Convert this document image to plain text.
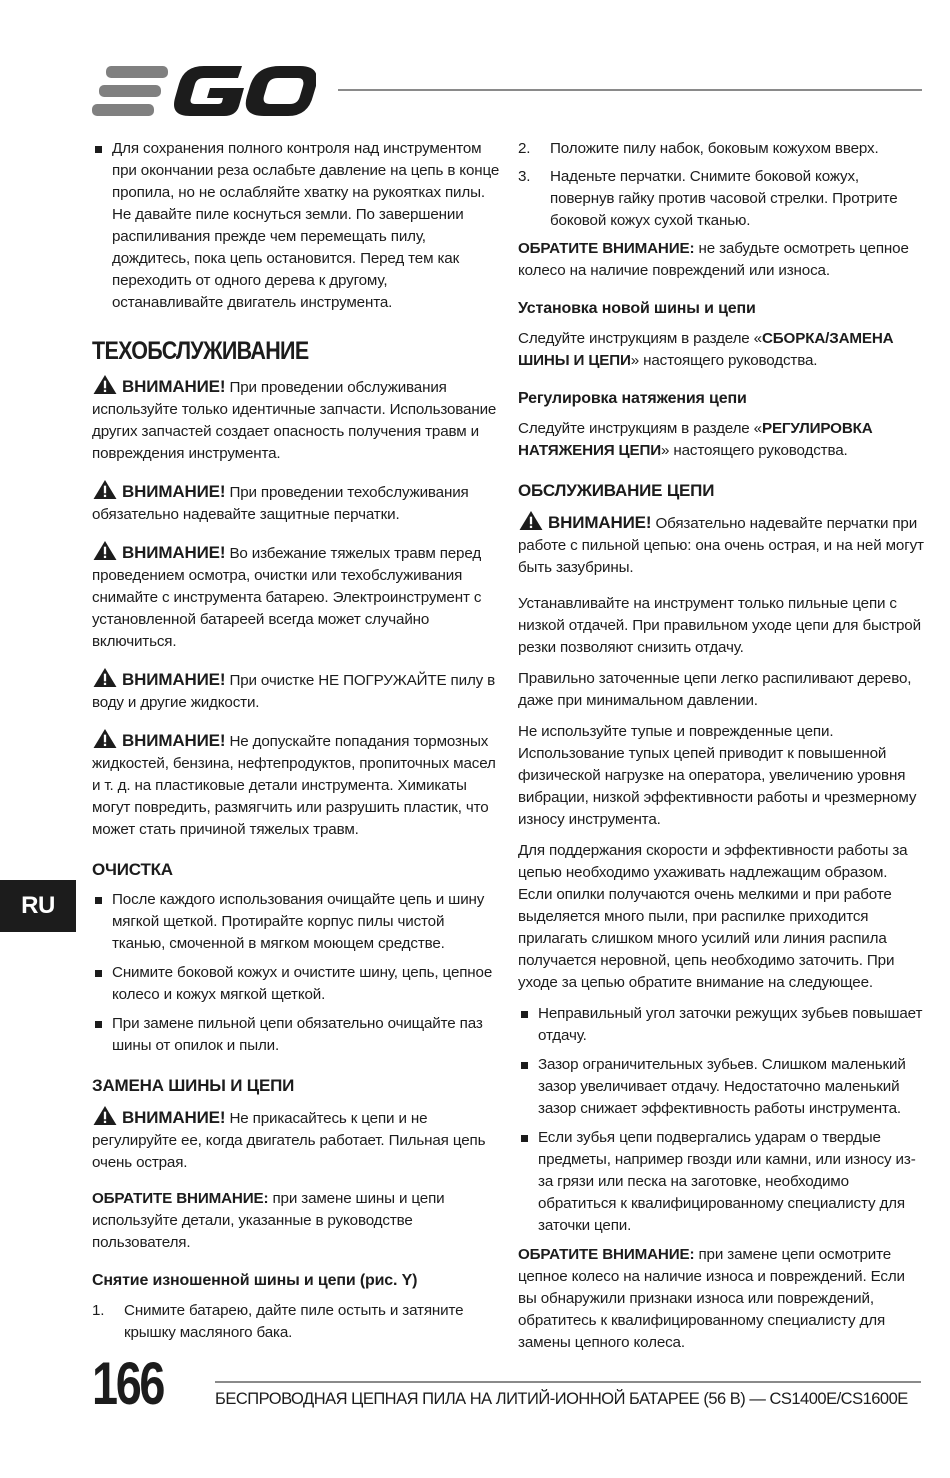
Для сохранения полного контроля над инструментом при окончании реза ослабьте давление на цепь в конце пропила, но не ослабляйте хватку на рукоятках пилы. Не давайте пиле коснуться земли. По завершении распиливания прежде чем перемещать пилу, дождитесь, пока цепь остановится. Перед тем как переходить от одного дерева к другому, останавливайте двигатель инструмента.
ТЕХОБСЛУЖИВАНИЕ
ВНИМАНИЕ! При проведении обслуживания используйте только идентичные запчасти. Использование других запчастей создает опасность получения травм и повреждения инструмента.
ВНИМАНИЕ! При проведении техобслуживания обязательно надевайте защитные перчатки.
ВНИМАНИЕ! Во избежание тяжелых травм перед проведением осмотра, очистки или техобслуживания снимайте с инструмента батарею. Электроинструмент с установленной батареей всегда может случайно включиться.
ВНИМАНИЕ! При очистке НЕ ПОГРУЖАЙТЕ пилу в воду и другие жидкости.
ВНИМАНИЕ! Не допускайте попадания тормозных жидкостей, бензина, нефтепродуктов, пропиточных масел и т. д. на пластиковые детали инструмента. Химикаты могут повредить, размягчить или разрушить пластик, что может стать причиной тяжелых травм.
ОЧИСТКА
После каждого использования очищайте цепь и шину мягкой щеткой. Протирайте корпус пилы чистой тканью, смоченной в мягком моющем средстве.
Снимите боковой кожух и очистите шину, цепь, цепное колесо и кожух мягкой щеткой.
При замене пильной цепи обязательно очищайте паз шины от опилок и пыли.
ЗАМЕНА ШИНЫ И ЦЕПИ
ВНИМАНИЕ! Не прикасайтесь к цепи и не регулируйте ее, когда двигатель работает. Пильная цепь очень острая.

ОБРАТИТЕ ВНИМАНИЕ: при замене шины и цепи используйте детали, указанные в руководстве пользователя.

Снятие изношенной шины и цепи (рис. Y)
1. Снимите батарею, дайте пиле остыть и затяните крышку масляного бака.
2. Положите пилу набок, боковым кожухом вверх.
3. Наденьте перчатки. Снимите боковой кожух, повернув гайку против часовой стрелки. Протрите боковой кожух сухой тканью.

ОБРАТИТЕ ВНИМАНИЕ: не забудьте осмотреть цепное колесо на наличие повреждений или износа.

Установка новой шины и цепи

Следуйте инструкциям в разделе «СБОРКА/ЗАМЕНА ШИНЫ И ЦЕПИ» настоящего руководства.

Регулировка натяжения цепи

Следуйте инструкциям в разделе «РЕГУЛИРОВКА НАТЯЖЕНИЯ ЦЕПИ» настоящего руководства.

ОБСЛУЖИВАНИЕ ЦЕПИ
ВНИМАНИЕ! Обязательно надевайте перчатки при работе с пильной цепью: она очень острая, и на ней могут быть зазубрины.

Устанавливайте на инструмент только пильные цепи с низкой отдачей. При правильном уходе цепи для быстрой резки позволяют снизить отдачу.

Правильно заточенные цепи легко распиливают дерево, даже при минимальном давлении.

Не используйте тупые и поврежденные цепи. Использование тупых цепей приводит к повышенной физической нагрузке на оператора, увеличению уровня вибрации, низкой эффективности работы и чрезмерному износу инструмента.

Для поддержания скорости и эффективности работы за цепью необходимо ухаживать надлежащим образом. Если опилки получаются очень мелкими и при работе выделяется много пыли, при распилке приходится прилагать слишком много усилий или линия распила получается неровной, цепь необходимо заточить. При уходе за цепью обратите внимание на следующее.

Неправильный угол заточки режущих зубьев повышает отдачу.
Зазор ограничительных зубьев. Слишком маленький зазор увеличивает отдачу. Недостаточно маленький зазор снижает эффективность работы инструмента.
Если зубья цепи подвергались ударам о твердые предметы, например гвозди или камни, или износу из-за грязи или песка на заготовке, необходимо обратиться к квалифицированному специалисту для заточки цепи.

ОБРАТИТЕ ВНИМАНИЕ: при замене цепи осмотрите цепное колесо на наличие износа и повреждений. Если вы обнаружили признаки износа или повреждений, обратитесь к квалифицированному специалисту для замены цепного колеса.

RU
166	БЕСПРОВОДНАЯ ЦЕПНАЯ ПИЛА НА ЛИТИЙ-ИОННОЙ БАТАРЕЕ (56 В) — CS1400E/CS1600E
